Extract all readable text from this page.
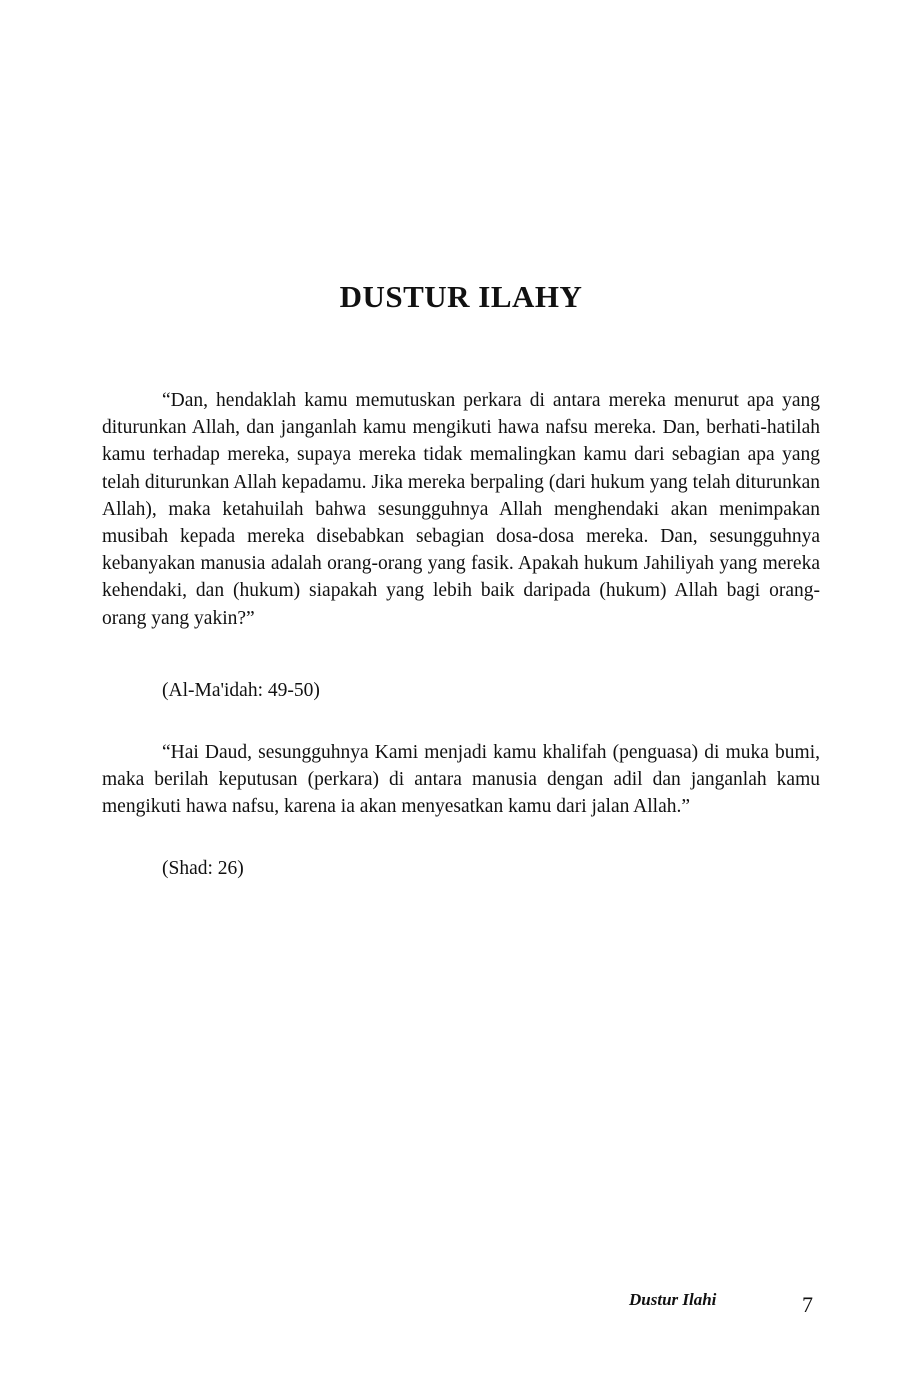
DUSTUR ILAHY

“Dan, hendaklah kamu memutuskan perkara di antara mereka menurut apa yang diturunkan Allah, dan janganlah kamu mengikuti hawa nafsu mereka. Dan, berhati-hatilah kamu terhadap mereka, supaya mereka tidak memalingkan kamu dari sebagian apa yang telah diturunkan Allah kepadamu. Jika mereka berpaling (dari hukum yang telah diturunkan Allah), maka ketahuilah bahwa sesungguhnya Allah menghendaki akan menimpakan musibah kepada mereka disebabkan sebagian dosa-dosa mereka. Dan, sesungguhnya kebanyakan manusia adalah orang-orang yang fasik. Apakah hukum Jahiliyah yang mereka kehendaki, dan (hukum) siapakah yang lebih baik daripada (hukum) Allah bagi orang-orang yang yakin?”

(Al-Ma'idah: 49-50)

“Hai Daud, sesungguhnya Kami menjadi kamu khalifah (penguasa) di muka bumi, maka berilah keputusan (perkara) di antara manusia dengan adil dan janganlah kamu mengikuti hawa nafsu, karena ia akan menyesatkan kamu dari jalan Allah.”

(Shad: 26)

Dustur Ilahi	7
